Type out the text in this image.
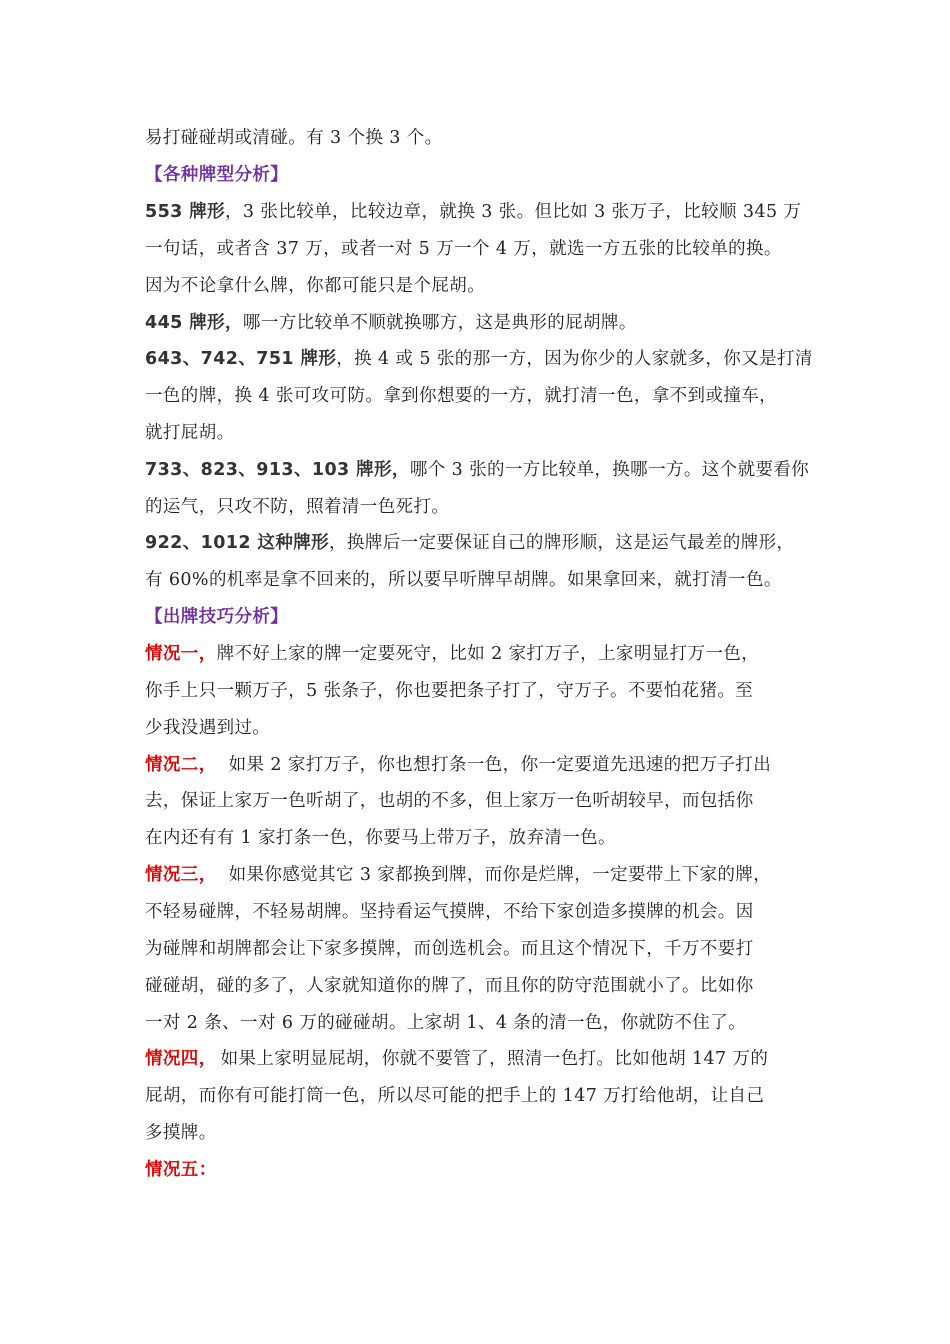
易打碰碰胡或清碰。有 3 个换 3 个。
【各种牌型分析】
553 牌形，3 张比较单，比较边章，就换 3 张。但比如 3 张万子，比较顺 345 万
一句话，或者含 37 万，或者一对 5 万一个 4 万，就选一方五张的比较单的换。
因为不论拿什么牌，你都可能只是个屁胡。
445 牌形，哪一方比较单不顺就换哪方，这是典形的屁胡牌。
643、742、751 牌形，换 4 或 5 张的那一方，因为你少的人家就多，你又是打清
一色的牌，换 4 张可攻可防。拿到你想要的一方，就打清一色，拿不到或撞车，
就打屁胡。
733、823、913、103 牌形，哪个 3 张的一方比较单，换哪一方。这个就要看你
的运气，只攻不防，照着清一色死打。
922、1012 这种牌形，换牌后一定要保证自己的牌形顺，这是运气最差的牌形，
有 60%的机率是拿不回来的，所以要早听牌早胡牌。如果拿回来，就打清一色。
【出牌技巧分析】
情况一，牌不好上家的牌一定要死守，比如 2 家打万子，上家明显打万一色，
你手上只一颗万子，5 张条子，你也要把条子打了，守万子。不要怕花猪。至
少我没遇到过。
情况二， 如果 2 家打万子，你也想打条一色，你一定要道先迅速的把万子打出
去，保证上家万一色听胡了，也胡的不多，但上家万一色听胡较早，而包括你
在内还有有 1 家打条一色，你要马上带万子，放弃清一色。
情况三， 如果你感觉其它 3 家都换到牌，而你是烂牌，一定要带上下家的牌，
不轻易碰牌，不轻易胡牌。坚持看运气摸牌，不给下家创造多摸牌的机会。因
为碰牌和胡牌都会让下家多摸牌，而创选机会。而且这个情况下，千万不要打
碰碰胡，碰的多了，人家就知道你的牌了，而且你的防守范围就小了。比如你
一对 2 条、一对 6 万的碰碰胡。上家胡 1、4 条的清一色，你就防不住了。
情况四， 如果上家明显屁胡，你就不要管了，照清一色打。比如他胡 147 万的
屁胡，而你有可能打筒一色，所以尽可能的把手上的 147 万打给他胡，让自己
多摸牌。
情况五：
